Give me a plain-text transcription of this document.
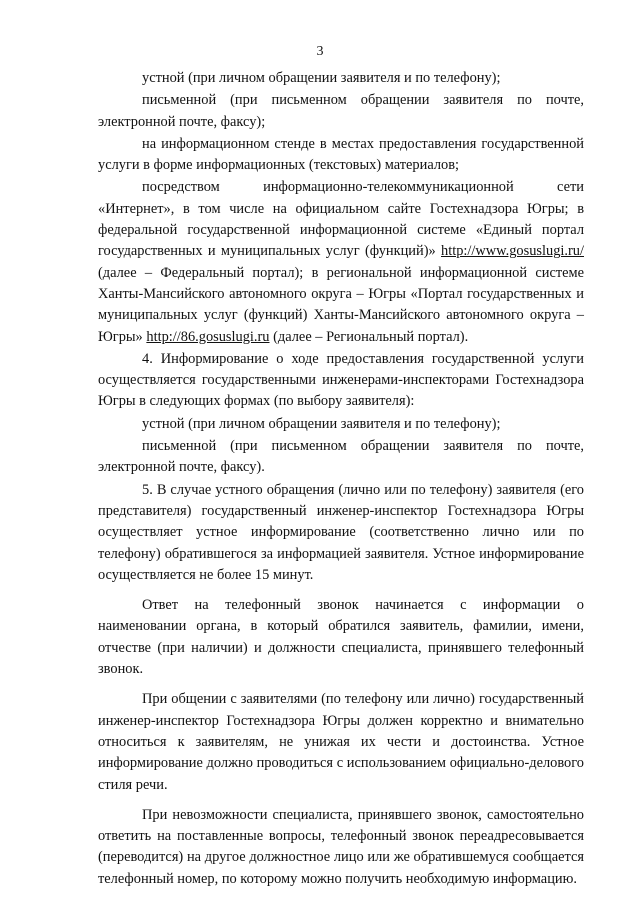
3

устной (при личном обращении заявителя и по телефону);

письменной (при письменном обращении заявителя по почте, электронной почте, факсу);

на информационном стенде в местах предоставления государственной услуги в форме информационных (текстовых) материалов;

посредством информационно-телекоммуникационной сети «Интернет», в том числе на официальном сайте Гостехнадзора Югры; в федеральной государственной информационной системе «Единый портал государственных и муниципальных услуг (функций)» http://www.gosuslugi.ru/ (далее – Федеральный портал); в региональной информационной системе Ханты-Мансийского автономного округа – Югры «Портал государственных и муниципальных услуг (функций) Ханты-Мансийского автономного округа – Югры» http://86.gosuslugi.ru (далее – Региональный портал).

4. Информирование о ходе предоставления государственной услуги осуществляется государственными инженерами-инспекторами Гостехнадзора Югры в следующих формах (по выбору заявителя):

устной (при личном обращении заявителя и по телефону);

письменной (при письменном обращении заявителя по почте, электронной почте, факсу).

5. В случае устного обращения (лично или по телефону) заявителя (его представителя) государственный инженер-инспектор Гостехнадзора Югры осуществляет устное информирование (соответственно лично или по телефону) обратившегося за информацией заявителя. Устное информирование осуществляется не более 15 минут.

Ответ на телефонный звонок начинается с информации о наименовании органа, в который обратился заявитель, фамилии, имени, отчестве (при наличии) и должности специалиста, принявшего телефонный звонок.

При общении с заявителями (по телефону или лично) государственный инженер-инспектор Гостехнадзора Югры должен корректно и внимательно относиться к заявителям, не унижая их чести и достоинства. Устное информирование должно проводиться с использованием официально-делового стиля речи.

При невозможности специалиста, принявшего звонок, самостоятельно ответить на поставленные вопросы, телефонный звонок переадресовывается (переводится) на другое должностное лицо или же обратившемуся сообщается телефонный номер, по которому можно получить необходимую информацию.
